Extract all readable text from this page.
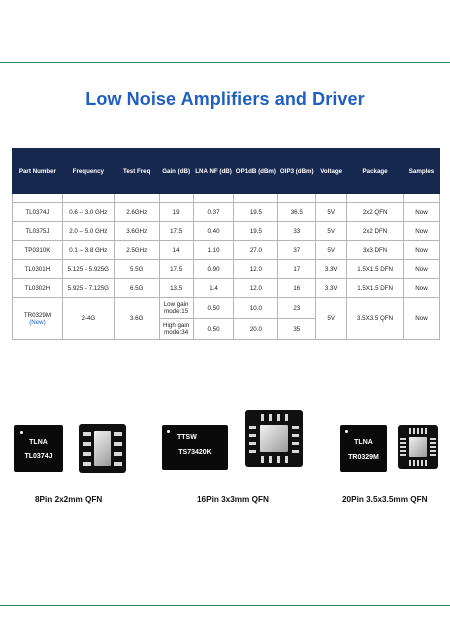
Low Noise Amplifiers and Driver
Part Number	Frequency	Test Freq	Gain (dB)	LNA NF (dB)	OP1dB (dBm)	OIP3 (dBm)	Voltage	Package	Samples

TL0374J	0.6 – 3.0 GHz	2.6GHz	19	0.37	19.5	36.5	5V	2x2 QFN	Now
TL0375J	2.0 – 5.0 GHz	3.6GHz	17.5	0.40	19.5	33	5V	2x2 DFN	Now
TP0310K	0.1 – 3.8 GHz	2.5GHz	14	1.10	27.0	37	5V	3x3 DFN	Now
TL0301H	5.125 - 5.925G	5.5G	17.5	0.90	12.0	17	3.3V	1.5X1.5 DFN	Now
TL0302H	5.925 - 7.125G	6.5G	13.5	1.4	12.0	16	3.3V	1.5X1.5 DFN	Now

TR0329M
(New)	2-4G	3.6G	Low gain mode:15	0.50	10.0	23	5V	3.5X3.5 QFN	Now
			High gain mode:34	0.50	20.0	35			
TLNA
TL0374J
8Pin 2x2mm QFN
TTSW
TS73420K
16Pin 3x3mm QFN
TLNA
TR0329M
20Pin 3.5x3.5mm QFN
